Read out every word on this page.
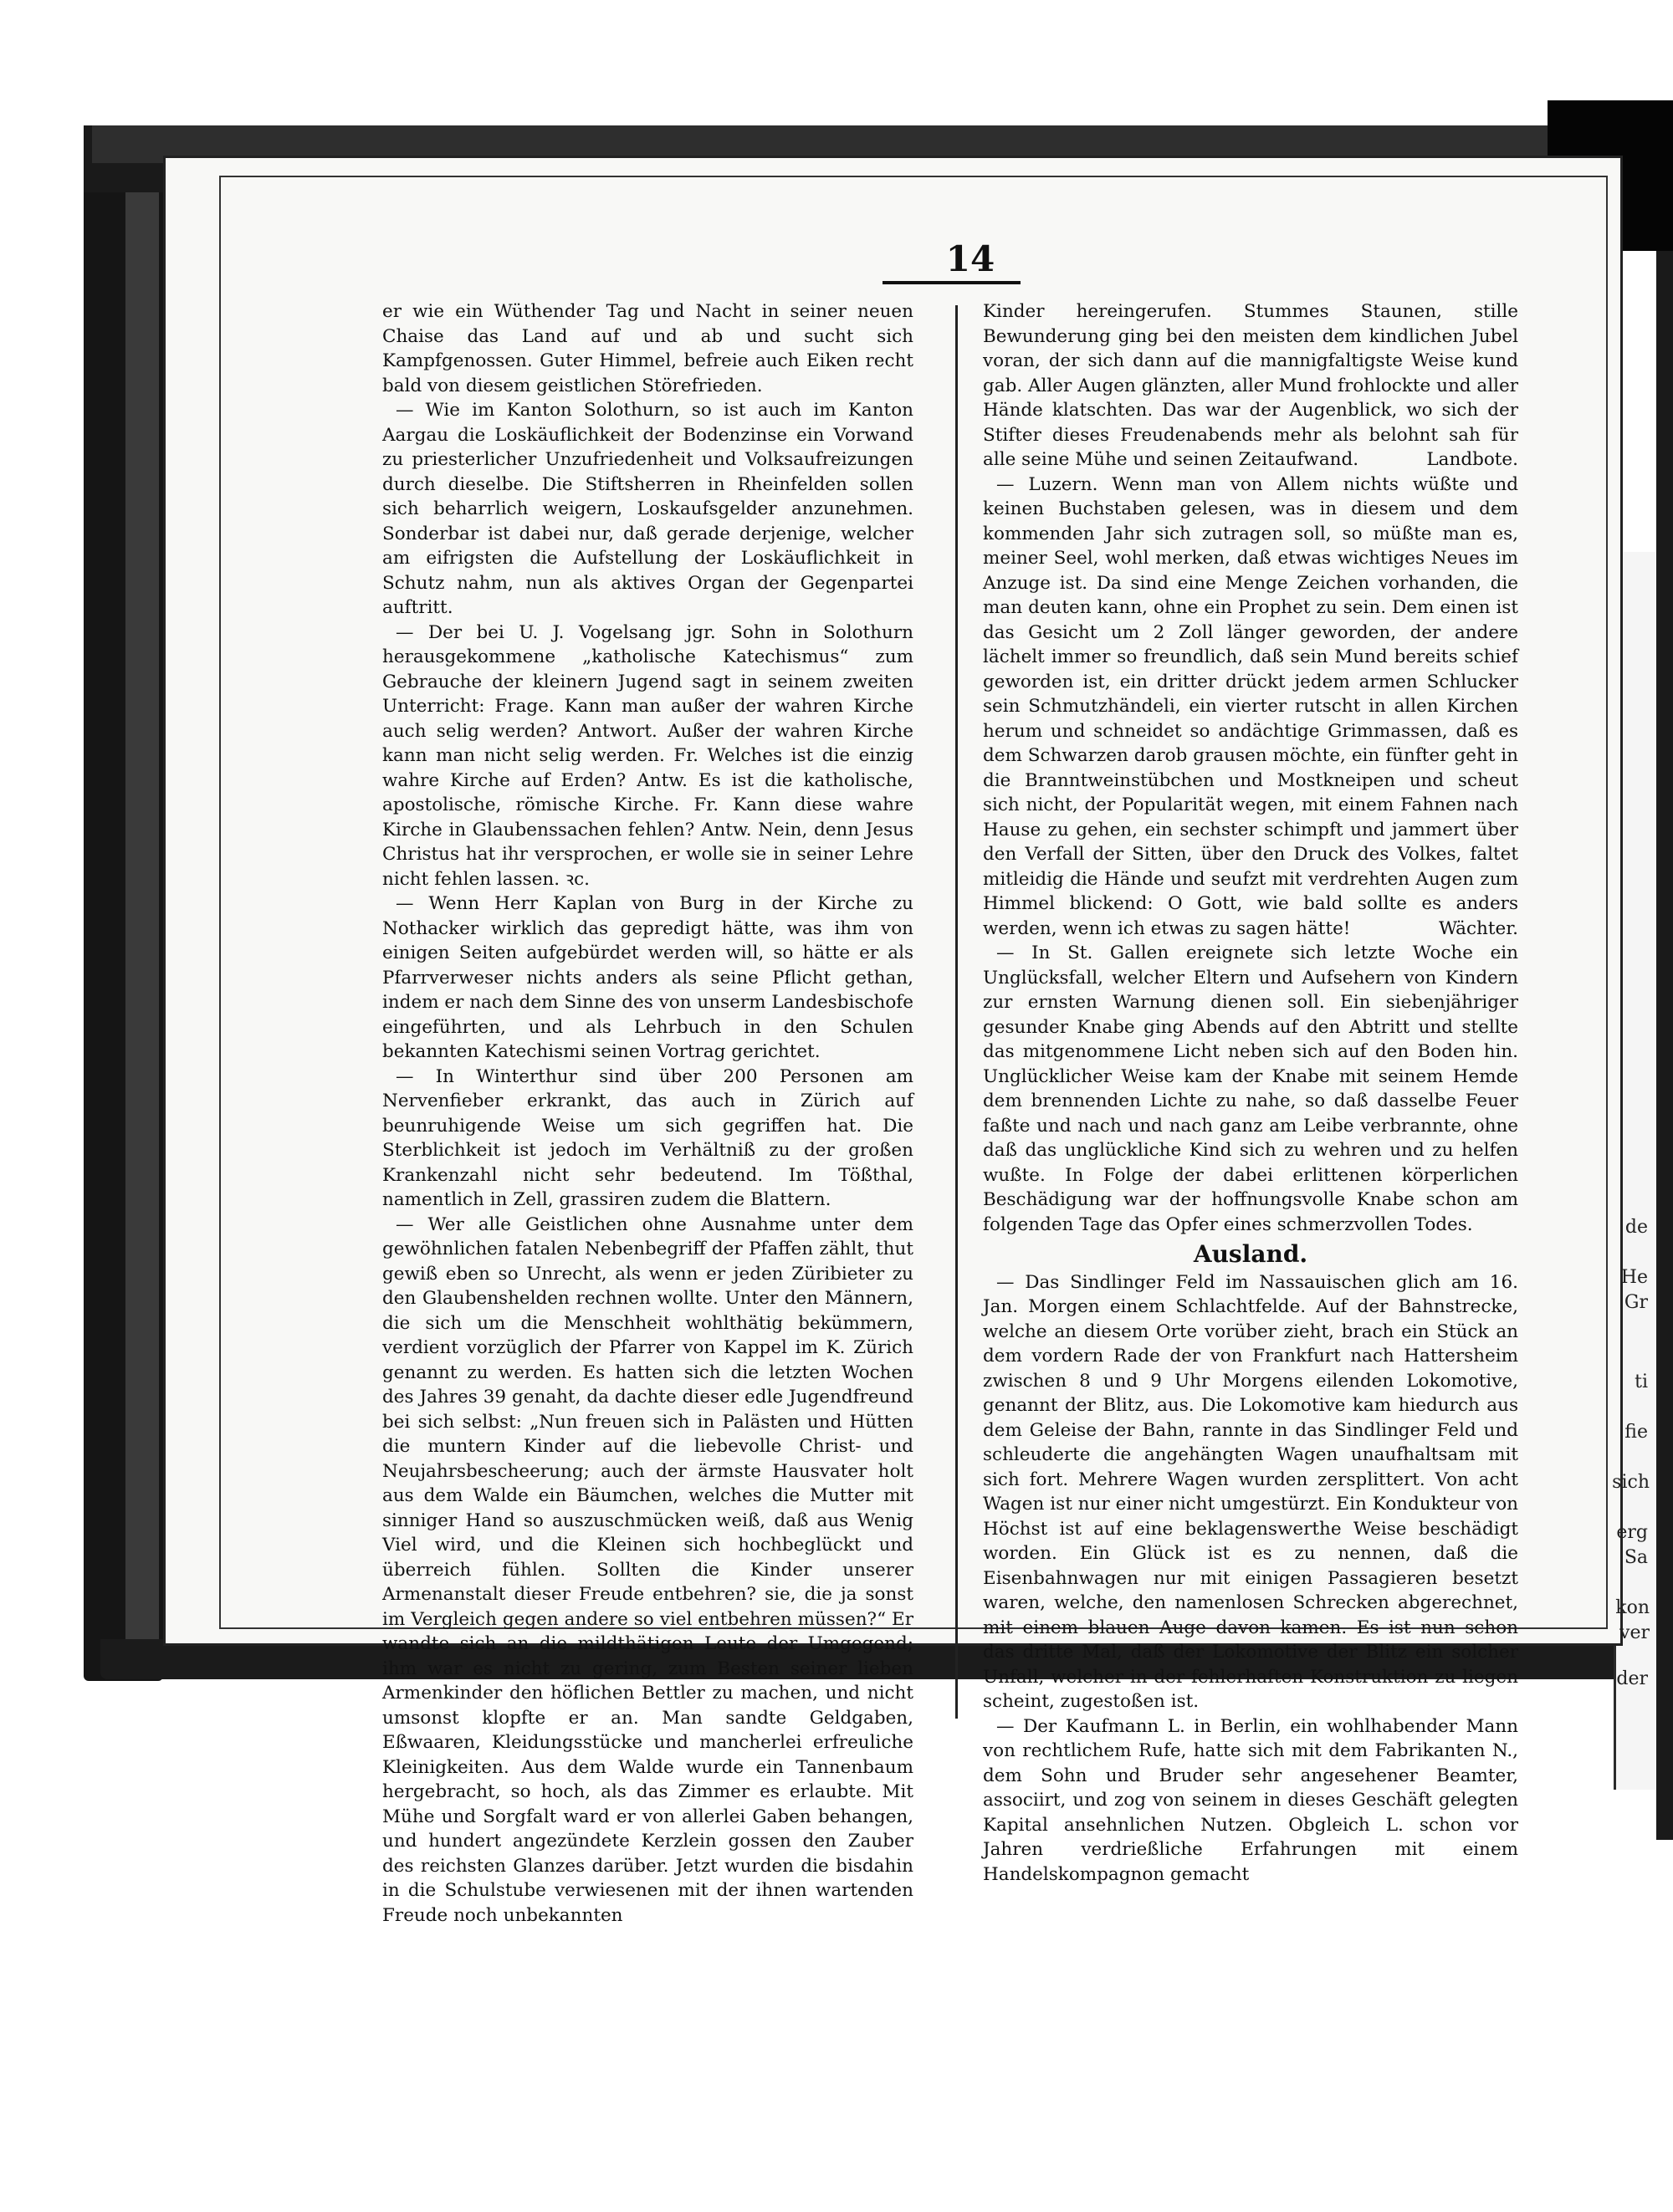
14

er wie ein Wüthender Tag und Nacht in seiner neuen Chaise das Land auf und ab und sucht sich Kampfgenossen. Guter Himmel, befreie auch Eiken recht bald von diesem geistlichen Störefrieden.

— Wie im Kanton Solothurn, so ist auch im Kanton Aargau die Loskäuflichkeit der Bodenzinse ein Vorwand zu priesterlicher Unzufriedenheit und Volksaufreizungen durch dieselbe. Die Stiftsherren in Rheinfelden sollen sich beharrlich weigern, Loskaufsgelder anzunehmen. Sonderbar ist dabei nur, daß gerade derjenige, welcher am eifrigsten die Aufstellung der Loskäuflichkeit in Schutz nahm, nun als aktives Organ der Gegenpartei auftritt.

— Der bei U. J. Vogelsang jgr. Sohn in Solothurn herausgekommene „katholische Katechismus“ zum Gebrauche der kleinern Jugend sagt in seinem zweiten Unterricht: Frage. Kann man außer der wahren Kirche auch selig werden? Antwort. Außer der wahren Kirche kann man nicht selig werden. Fr. Welches ist die einzig wahre Kirche auf Erden? Antw. Es ist die katholische, apostolische, römische Kirche. Fr. Kann diese wahre Kirche in Glaubenssachen fehlen? Antw. Nein, denn Jesus Christus hat ihr versprochen, er wolle sie in seiner Lehre nicht fehlen lassen. ꝛc.

— Wenn Herr Kaplan von Burg in der Kirche zu Nothacker wirklich das gepredigt hätte, was ihm von einigen Seiten aufgebürdet werden will, so hätte er als Pfarrverweser nichts anders als seine Pflicht gethan, indem er nach dem Sinne des von unserm Landesbischofe eingeführten, und als Lehrbuch in den Schulen bekannten Katechismi seinen Vortrag gerichtet.

— In Winterthur sind über 200 Personen am Nervenfieber erkrankt, das auch in Zürich auf beunruhigende Weise um sich gegriffen hat. Die Sterblichkeit ist jedoch im Verhältniß zu der großen Krankenzahl nicht sehr bedeutend. Im Tößthal, namentlich in Zell, grassiren zudem die Blattern.

— Wer alle Geistlichen ohne Ausnahme unter dem gewöhnlichen fatalen Nebenbegriff der Pfaffen zählt, thut gewiß eben so Unrecht, als wenn er jeden Züribieter zu den Glaubenshelden rechnen wollte. Unter den Männern, die sich um die Menschheit wohlthätig bekümmern, verdient vorzüglich der Pfarrer von Kappel im K. Zürich genannt zu werden. Es hatten sich die letzten Wochen des Jahres 39 genaht, da dachte dieser edle Jugendfreund bei sich selbst: „Nun freuen sich in Palästen und Hütten die muntern Kinder auf die liebevolle Christ- und Neujahrsbescheerung; auch der ärmste Hausvater holt aus dem Walde ein Bäumchen, welches die Mutter mit sinniger Hand so auszuschmücken weiß, daß aus Wenig Viel wird, und die Kleinen sich hochbeglückt und überreich fühlen. Sollten die Kinder unserer Armenanstalt dieser Freude entbehren? sie, die ja sonst im Vergleich gegen andere so viel entbehren müssen?“ Er wandte sich an die mildthätigen Leute der Umgegend; ihm war es nicht zu gering, zum Besten seiner lieben Armenkinder den höflichen Bettler zu machen, und nicht umsonst klopfte er an. Man sandte Geldgaben, Eßwaaren, Kleidungsstücke und mancherlei erfreuliche Kleinigkeiten. Aus dem Walde wurde ein Tannenbaum hergebracht, so hoch, als das Zimmer es erlaubte. Mit Mühe und Sorgfalt ward er von allerlei Gaben behangen, und hundert angezündete Kerzlein gossen den Zauber des reichsten Glanzes darüber. Jetzt wurden die bisdahin in die Schulstube verwiesenen mit der ihnen wartenden Freude noch unbekannten

Kinder hereingerufen. Stummes Staunen, stille Bewunderung ging bei den meisten dem kindlichen Jubel voran, der sich dann auf die mannigfaltigste Weise kund gab. Aller Augen glänzten, aller Mund frohlockte und aller Hände klatschten. Das war der Augenblick, wo sich der Stifter dieses Freudenabends mehr als belohnt sah für alle seine Mühe und seinen Zeitaufwand.	Landbote.

— Luzern. Wenn man von Allem nichts wüßte und keinen Buchstaben gelesen, was in diesem und dem kommenden Jahr sich zutragen soll, so müßte man es, meiner Seel, wohl merken, daß etwas wichtiges Neues im Anzuge ist. Da sind eine Menge Zeichen vorhanden, die man deuten kann, ohne ein Prophet zu sein. Dem einen ist das Gesicht um 2 Zoll länger geworden, der andere lächelt immer so freundlich, daß sein Mund bereits schief geworden ist, ein dritter drückt jedem armen Schlucker sein Schmutzhändeli, ein vierter rutscht in allen Kirchen herum und schneidet so andächtige Grimmassen, daß es dem Schwarzen darob grausen möchte, ein fünfter geht in die Branntweinstübchen und Mostkneipen und scheut sich nicht, der Popularität wegen, mit einem Fahnen nach Hause zu gehen, ein sechster schimpft und jammert über den Verfall der Sitten, über den Druck des Volkes, faltet mitleidig die Hände und seufzt mit verdrehten Augen zum Himmel blickend: O Gott, wie bald sollte es anders werden, wenn ich etwas zu sagen hätte!	Wächter.

— In St. Gallen ereignete sich letzte Woche ein Unglücksfall, welcher Eltern und Aufsehern von Kindern zur ernsten Warnung dienen soll. Ein siebenjähriger gesunder Knabe ging Abends auf den Abtritt und stellte das mitgenommene Licht neben sich auf den Boden hin. Unglücklicher Weise kam der Knabe mit seinem Hemde dem brennenden Lichte zu nahe, so daß dasselbe Feuer faßte und nach und nach ganz am Leibe verbrannte, ohne daß das unglückliche Kind sich zu wehren und zu helfen wußte. In Folge der dabei erlittenen körperlichen Beschädigung war der hoffnungsvolle Knabe schon am folgenden Tage das Opfer eines schmerzvollen Todes.

Ausland.

— Das Sindlinger Feld im Nassauischen glich am 16. Jan. Morgen einem Schlachtfelde. Auf der Bahnstrecke, welche an diesem Orte vorüber zieht, brach ein Stück an dem vordern Rade der von Frankfurt nach Hattersheim zwischen 8 und 9 Uhr Morgens eilenden Lokomotive, genannt der Blitz, aus. Die Lokomotive kam hiedurch aus dem Geleise der Bahn, rannte in das Sindlinger Feld und schleuderte die angehängten Wagen unaufhaltsam mit sich fort. Mehrere Wagen wurden zersplittert. Von acht Wagen ist nur einer nicht umgestürzt. Ein Kondukteur von Höchst ist auf eine beklagenswerthe Weise beschädigt worden. Ein Glück ist es zu nennen, daß die Eisenbahnwagen nur mit einigen Passagieren besetzt waren, welche, den namenlosen Schrecken abgerechnet, mit einem blauen Auge davon kamen. Es ist nun schon das dritte Mal, daß der Lokomotive der Blitz ein solcher Unfall, welcher in der fehlerhaften Konstruktion zu liegen scheint, zugestoßen ist.

— Der Kaufmann L. in Berlin, ein wohlhabender Mann von rechtlichem Rufe, hatte sich mit dem Fabrikanten N., dem Sohn und Bruder sehr angesehener Beamter, associirt, und zog von seinem in dieses Geschäft gelegten Kapital ansehnlichen Nutzen. Obgleich L. schon vor Jahren verdrießliche Erfahrungen mit einem Handelskompagnon gemacht

de
He
Gr
ti
fie
sich
erg
Sa
kon
ver
der
